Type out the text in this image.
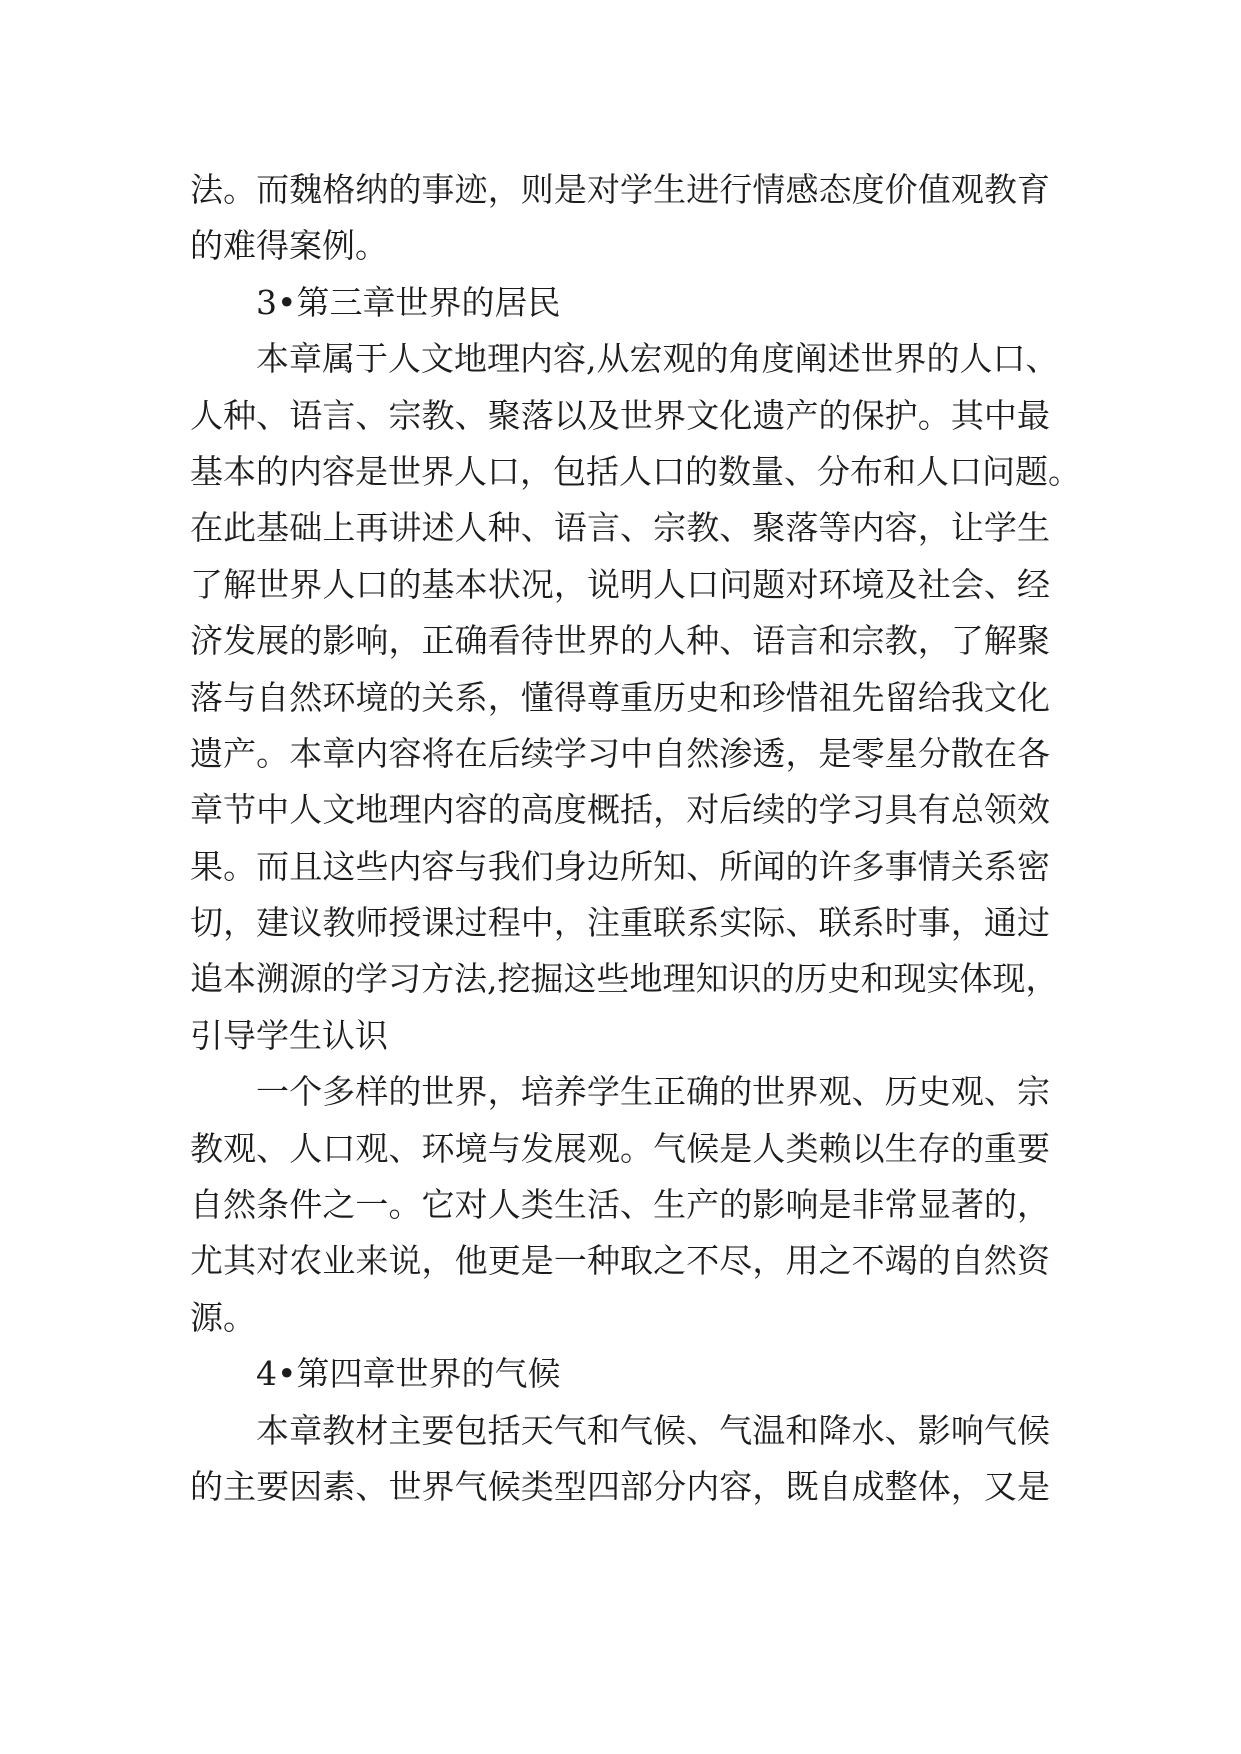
法。而魏格纳的事迹，则是对学生进行情感态度价值观教育
的难得案例。
3•第三章世界的居民
本章属于人文地理内容,从宏观的角度阐述世界的人口、
人种、语言、宗教、聚落以及世界文化遗产的保护。其中最
基本的内容是世界人口，包括人口的数量、分布和人口问题。
在此基础上再讲述人种、语言、宗教、聚落等内容，让学生
了解世界人口的基本状况，说明人口问题对环境及社会、经
济发展的影响，正确看待世界的人种、语言和宗教，了解聚
落与自然环境的关系，懂得尊重历史和珍惜祖先留给我文化
遗产。本章内容将在后续学习中自然渗透，是零星分散在各
章节中人文地理内容的高度概括，对后续的学习具有总领效
果。而且这些内容与我们身边所知、所闻的许多事情关系密
切，建议教师授课过程中，注重联系实际、联系时事，通过
追本溯源的学习方法,挖掘这些地理知识的历史和现实体现，
引导学生认识
一个多样的世界，培养学生正确的世界观、历史观、宗
教观、人口观、环境与发展观。气候是人类赖以生存的重要
自然条件之一。它对人类生活、生产的影响是非常显著的，
尤其对农业来说，他更是一种取之不尽，用之不竭的自然资
源。
4•第四章世界的气候
本章教材主要包括天气和气候、气温和降水、影响气候
的主要因素、世界气候类型四部分内容，既自成整体，又是
